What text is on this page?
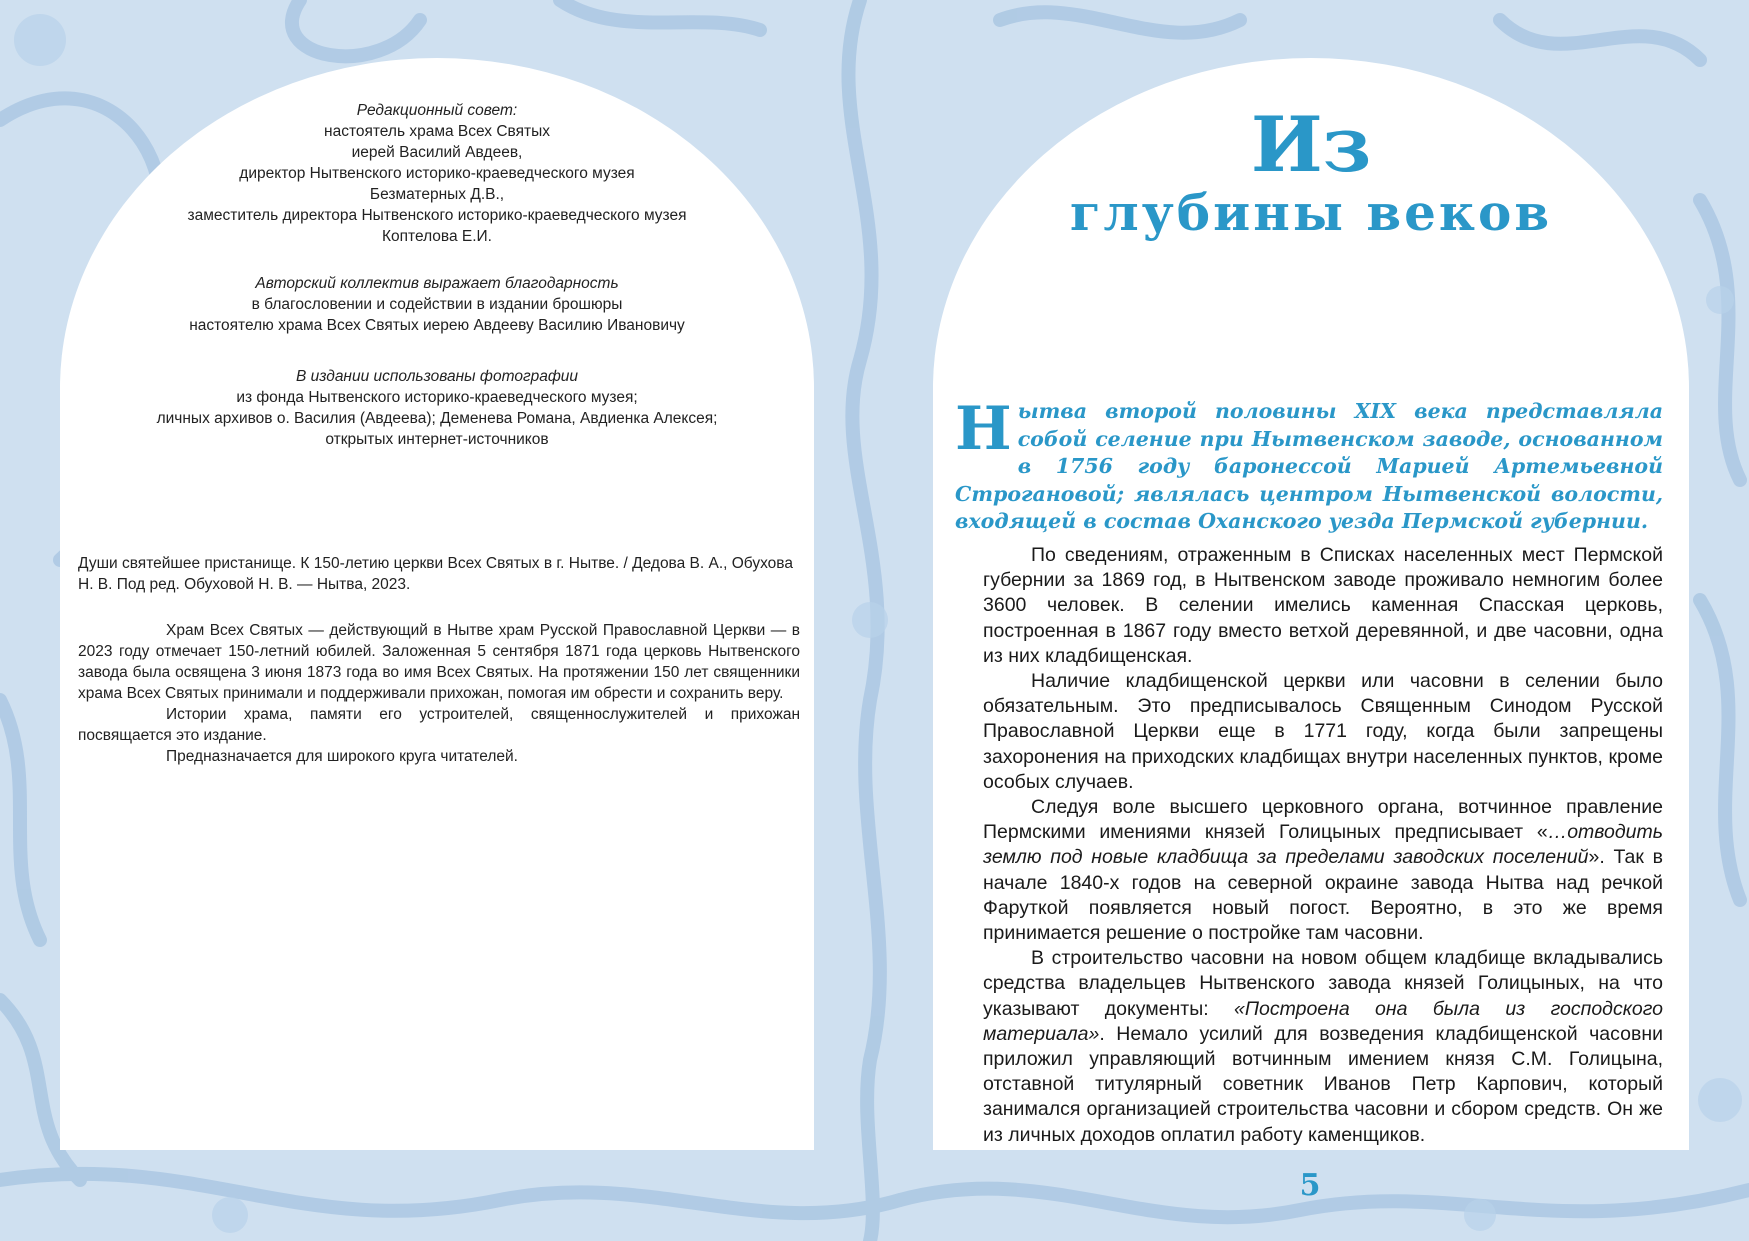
Редакционный совет:
настоятель храма Всех Святых
иерей Василий Авдеев,
директор Нытвенского историко-краеведческого музея
Безматерных Д.В.,
заместитель директора Нытвенского историко-краеведческого музея
Коптелова Е.И.
Авторский коллектив выражает благодарность
в благословении и содействии в издании брошюры
настоятелю храма Всех Святых иерею Авдееву Василию Ивановичу
В издании использованы фотографии
из фонда Нытвенского историко-краеведческого музея;
личных архивов о. Василия (Авдеева); Деменева Романа, Авдиенка Алексея;
открытых интернет-источников
Души святейшее пристанище. К 150-летию церкви Всех Святых в г. Нытве. / Дедова В. А., Обухова Н. В. Под ред. Обуховой Н. В. — Нытва, 2023.

Храм Всех Святых — действующий в Нытве храм Русской Православной Церкви — в 2023 году отмечает 150-летний юбилей. Заложенная 5 сентября 1871 года церковь Нытвенского завода была освящена 3 июня 1873 года во имя Всех Святых. На протяжении 150 лет священники храма Всех Святых принимали и поддерживали прихожан, помогая им обрести и сохранить веру.

Истории храма, памяти его устроителей, священнослужителей и прихожан посвящается это издание.

Предназначается для широкого круга читателей.

Из
глубины веков
Нытва второй половины XIX века представляла собой селение при Нытвенском заводе, основанном в 1756 году баронессой Марией Артемьевной Строгановой; являлась центром Нытвенской волости, входящей в состав Оханского уезда Пермской губернии.

По сведениям, отраженным в Списках населенных мест Пермской губернии за 1869 год, в Нытвенском заводе проживало немногим более 3600 человек. В селении имелись каменная Спасская церковь, построенная в 1867 году вместо ветхой деревянной, и две часовни, одна из них кладбищенская.

Наличие кладбищенской церкви или часовни в селении было обязательным. Это предписывалось Священным Синодом Русской Православной Церкви еще в 1771 году, когда были запрещены захоронения на приходских кладбищах внутри населенных пунктов, кроме особых случаев.

Следуя воле высшего церковного органа, вотчинное правление Пермскими имениями князей Голицыных предписывает «…отводить землю под новые кладбища за пределами заводских поселений». Так в начале 1840-х годов на северной окраине завода Нытва над речкой Фаруткой появляется новый погост. Вероятно, в это же время принимается решение о постройке там часовни.

В строительство часовни на новом общем кладбище вкладывались средства владельцев Нытвенского завода князей Голицыных, на что указывают документы: «Построена она была из господского материала». Немало усилий для возведения кладбищенской часовни приложил управляющий вотчинным имением князя С.М. Голицына, отставной титулярный советник Иванов Петр Карпович, который занимался организацией строительства часовни и сбором средств. Он же из личных доходов оплатил работу каменщиков.

5
